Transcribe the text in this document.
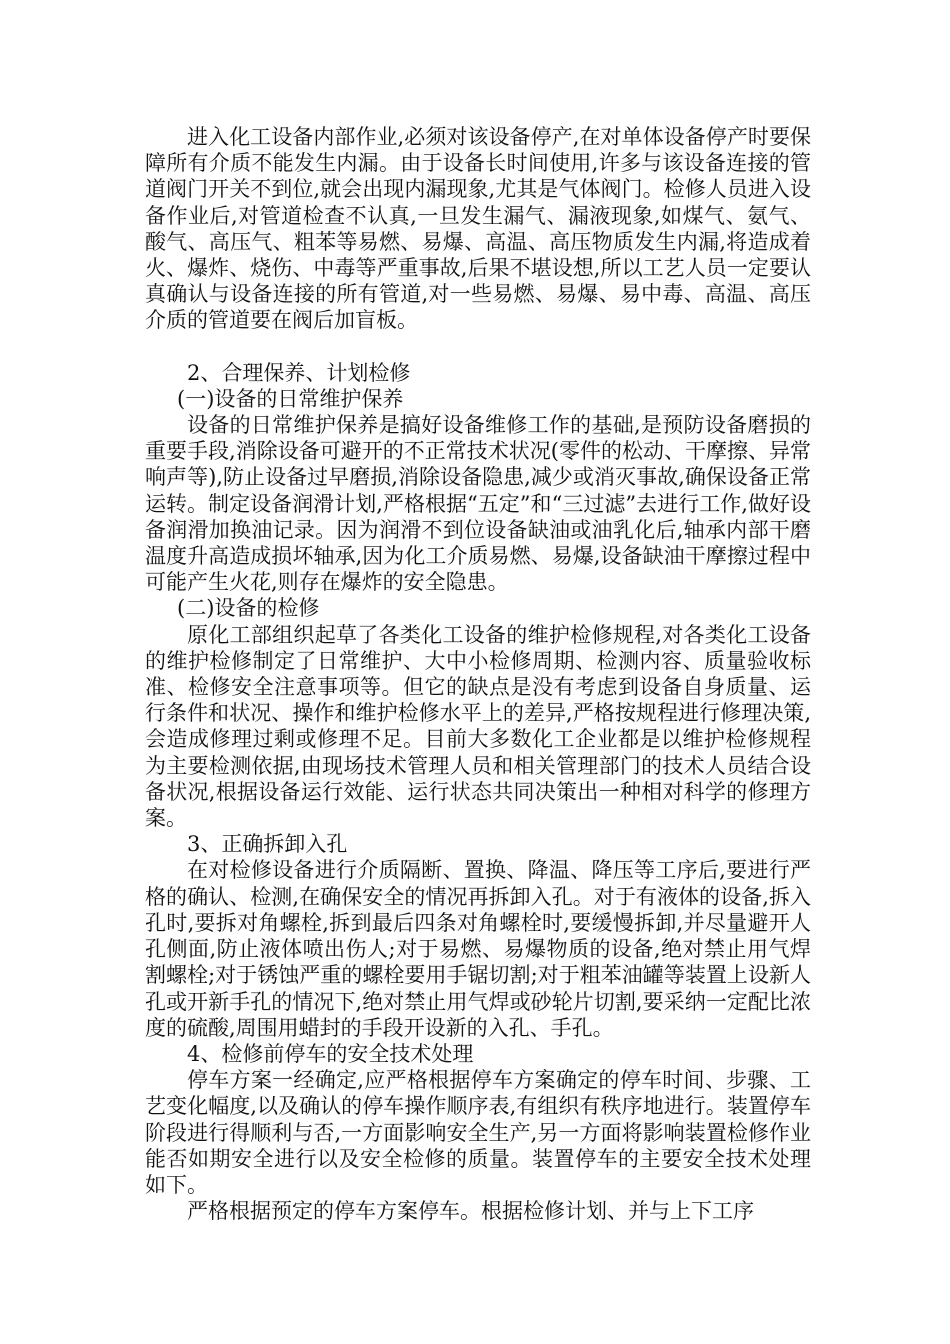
进入化工设备内部作业,必须对该设备停产,在对单体设备停产时要保障所有介质不能发生内漏。由于设备长时间使用,许多与该设备连接的管道阀门开关不到位,就会出现内漏现象,尤其是气体阀门。检修人员进入设备作业后,对管道检查不认真,一旦发生漏气、漏液现象,如煤气、氨气、酸气、高压气、粗苯等易燃、易爆、高温、高压物质发生内漏,将造成着火、爆炸、烧伤、中毒等严重事故,后果不堪设想,所以工艺人员一定要认真确认与设备连接的所有管道,对一些易燃、易爆、易中毒、高温、高压介质的管道要在阀后加盲板。

2、合理保养、计划检修

(一)设备的日常维护保养

设备的日常维护保养是搞好设备维修工作的基础,是预防设备磨损的重要手段,消除设备可避开的不正常技术状况(零件的松动、干摩擦、异常响声等),防止设备过早磨损,消除设备隐患,减少或消灭事故,确保设备正常运转。制定设备润滑计划,严格根据“五定”和“三过滤”去进行工作,做好设备润滑加换油记录。因为润滑不到位设备缺油或油乳化后,轴承内部干磨温度升高造成损坏轴承,因为化工介质易燃、易爆,设备缺油干摩擦过程中可能产生火花,则存在爆炸的安全隐患。

(二)设备的检修

原化工部组织起草了各类化工设备的维护检修规程,对各类化工设备的维护检修制定了日常维护、大中小检修周期、检测内容、质量验收标准、检修安全注意事项等。但它的缺点是没有考虑到设备自身质量、运行条件和状况、操作和维护检修水平上的差异,严格按规程进行修理决策,会造成修理过剩或修理不足。目前大多数化工企业都是以维护检修规程为主要检测依据,由现场技术管理人员和相关管理部门的技术人员结合设备状况,根据设备运行效能、运行状态共同决策出一种相对科学的修理方案。

3、正确拆卸入孔

在对检修设备进行介质隔断、置换、降温、降压等工序后,要进行严格的确认、检测,在确保安全的情况再拆卸入孔。对于有液体的设备,拆入孔时,要拆对角螺栓,拆到最后四条对角螺栓时,要缓慢拆卸,并尽量避开人孔侧面,防止液体喷出伤人;对于易燃、易爆物质的设备,绝对禁止用气焊割螺栓;对于锈蚀严重的螺栓要用手锯切割;对于粗苯油罐等装置上设新人孔或开新手孔的情况下,绝对禁止用气焊或砂轮片切割,要采纳一定配比浓度的硫酸,周围用蜡封的手段开设新的入孔、手孔。

4、检修前停车的安全技术处理

停车方案一经确定,应严格根据停车方案确定的停车时间、步骤、工艺变化幅度,以及确认的停车操作顺序表,有组织有秩序地进行。装置停车阶段进行得顺利与否,一方面影响安全生产,另一方面将影响装置检修作业能否如期安全进行以及安全检修的质量。装置停车的主要安全技术处理如下。

严格根据预定的停车方案停车。根据检修计划、并与上下工序
